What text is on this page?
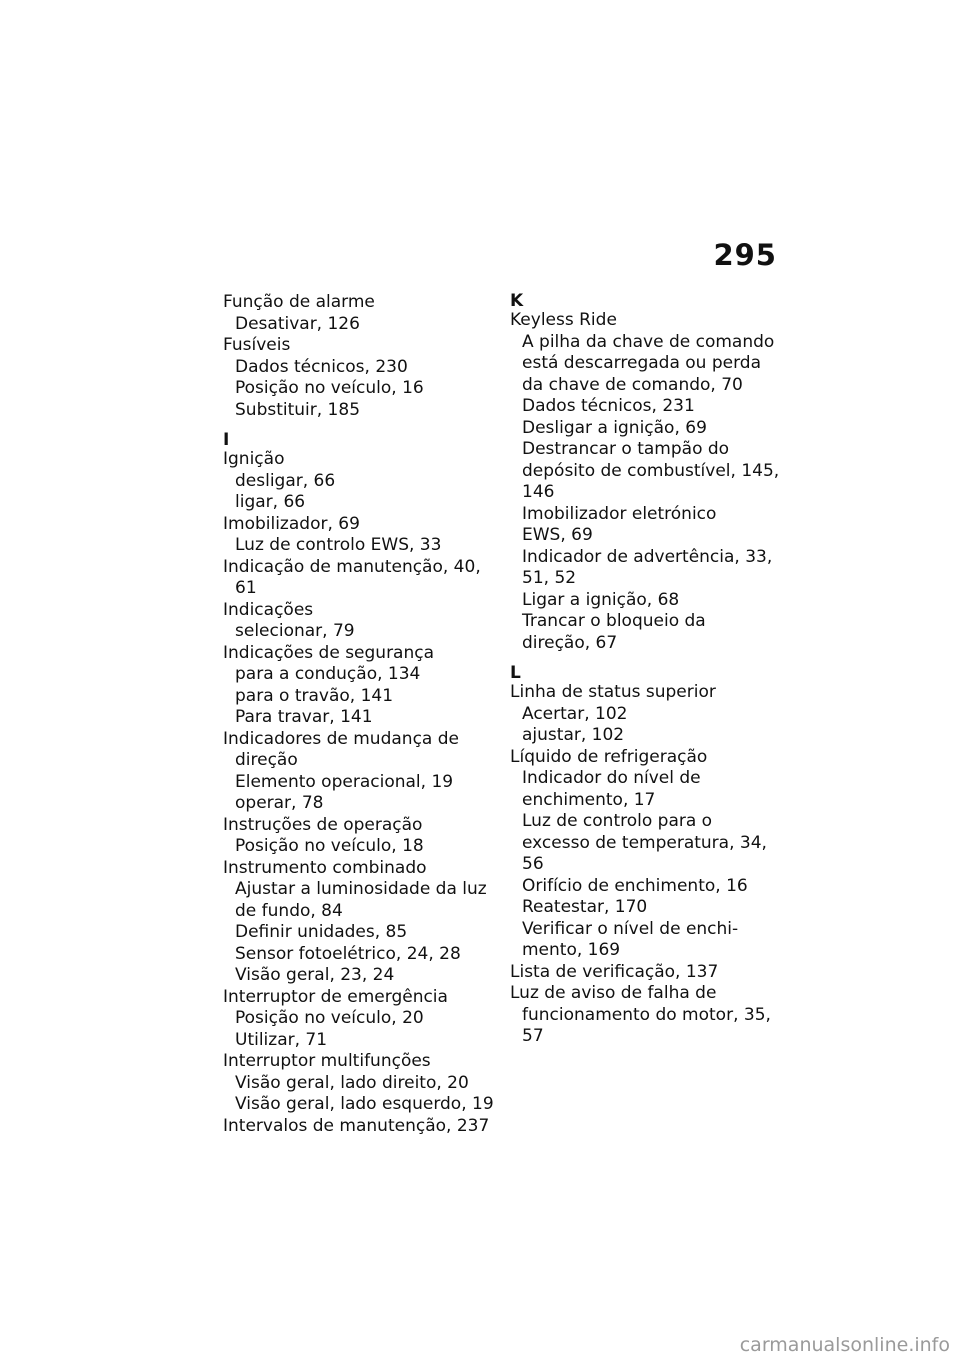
295
Função de alarme
Desativar, 126
Fusíveis
Dados técnicos, 230
Posição no veículo, 16
Substituir, 185
I
Ignição
desligar, 66
ligar, 66
Imobilizador, 69
Luz de controlo EWS, 33
Indicação de manutenção, 40,
61
Indicações
selecionar, 79
Indicações de segurança
para a condução, 134
para o travão, 141
Para travar, 141
Indicadores de mudança de
direção
Elemento operacional, 19
operar, 78
Instruções de operação
Posição no veículo, 18
Instrumento combinado
Ajustar a luminosidade da luz
de fundo, 84
Definir unidades, 85
Sensor fotoelétrico, 24, 28
Visão geral, 23, 24
Interruptor de emergência
Posição no veículo, 20
Utilizar, 71
Interruptor multifunções
Visão geral, lado direito, 20
Visão geral, lado esquerdo, 19
Intervalos de manutenção, 237
K
Keyless Ride
A pilha da chave de comando
está descarregada ou perda
da chave de comando, 70
Dados técnicos, 231
Desligar a ignição, 69
Destrancar o tampão do
depósito de combustível, 145,
146
Imobilizador eletrónico
EWS, 69
Indicador de advertência, 33,
51, 52
Ligar a ignição, 68
Trancar o bloqueio da
direção, 67
L
Linha de status superior
Acertar, 102
ajustar, 102
Líquido de refrigeração
Indicador do nível de
enchimento, 17
Luz de controlo para o
excesso de temperatura, 34,
56
Orifício de enchimento, 16
Reatestar, 170
Verificar o nível de enchi-
mento, 169
Lista de verificação, 137
Luz de aviso de falha de
funcionamento do motor, 35,
57
carmanualsonline.info
